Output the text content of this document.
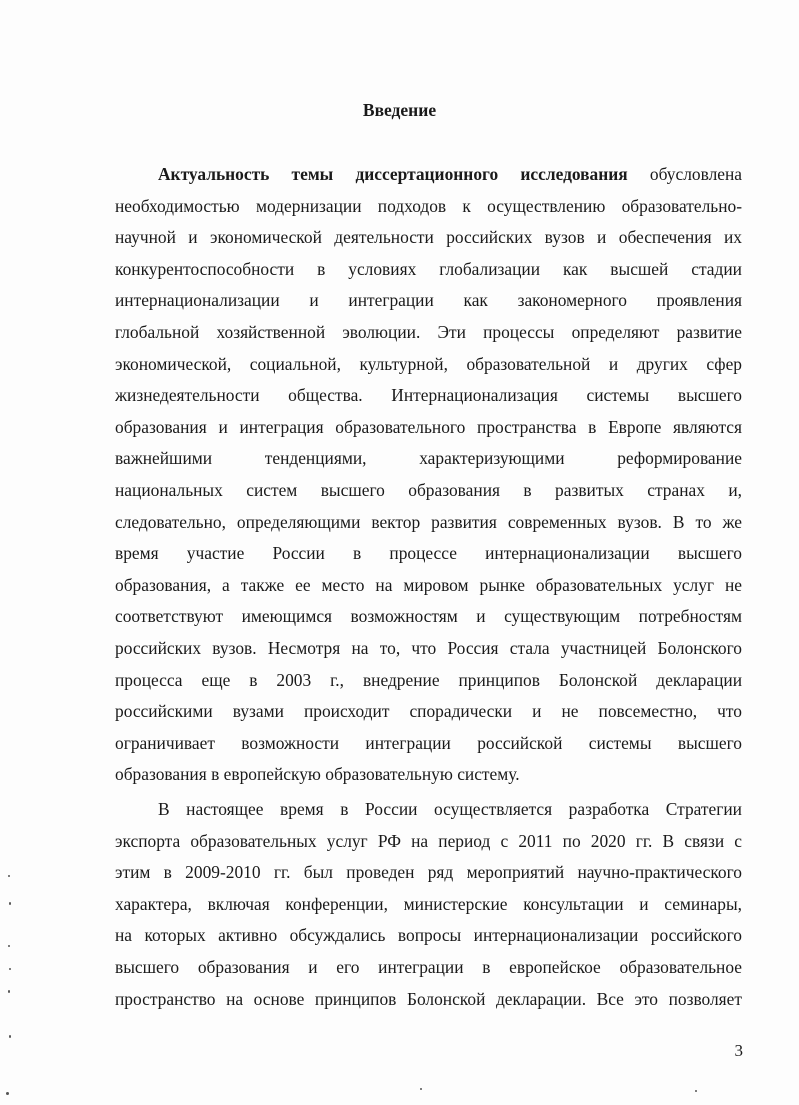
Введение
Актуальность темы диссертационного исследования обусловлена
необходимостью модернизации подходов к осуществлению образовательно-
научной и экономической деятельности российских вузов и обеспечения их
конкурентоспособности в условиях глобализации как высшей стадии
интернационализации и интеграции как закономерного проявления
глобальной хозяйственной эволюции. Эти процессы определяют развитие
экономической, социальной, культурной, образовательной и других сфер
жизнедеятельности общества. Интернационализация системы высшего
образования и интеграция образовательного пространства в Европе являются
важнейшими тенденциями, характеризующими реформирование
национальных систем высшего образования в развитых странах и,
следовательно, определяющими вектор развития современных вузов. В то же
время участие России в процессе интернационализации высшего
образования, а также ее место на мировом рынке образовательных услуг не
соответствуют имеющимся возможностям и существующим потребностям
российских вузов. Несмотря на то, что Россия стала участницей Болонского
процесса еще в 2003 г., внедрение принципов Болонской декларации
российскими вузами происходит спорадически и не повсеместно, что
ограничивает возможности интеграции российской системы высшего
образования в европейскую образовательную систему.
В настоящее время в России осуществляется разработка Стратегии
экспорта образовательных услуг РФ на период с 2011 по 2020 гг. В связи с
этим в 2009-2010 гг. был проведен ряд мероприятий научно-практического
характера, включая конференции, министерские консультации и семинары,
на которых активно обсуждались вопросы интернационализации российского
высшего образования и его интеграции в европейское образовательное
пространство на основе принципов Болонской декларации. Все это позволяет
3
